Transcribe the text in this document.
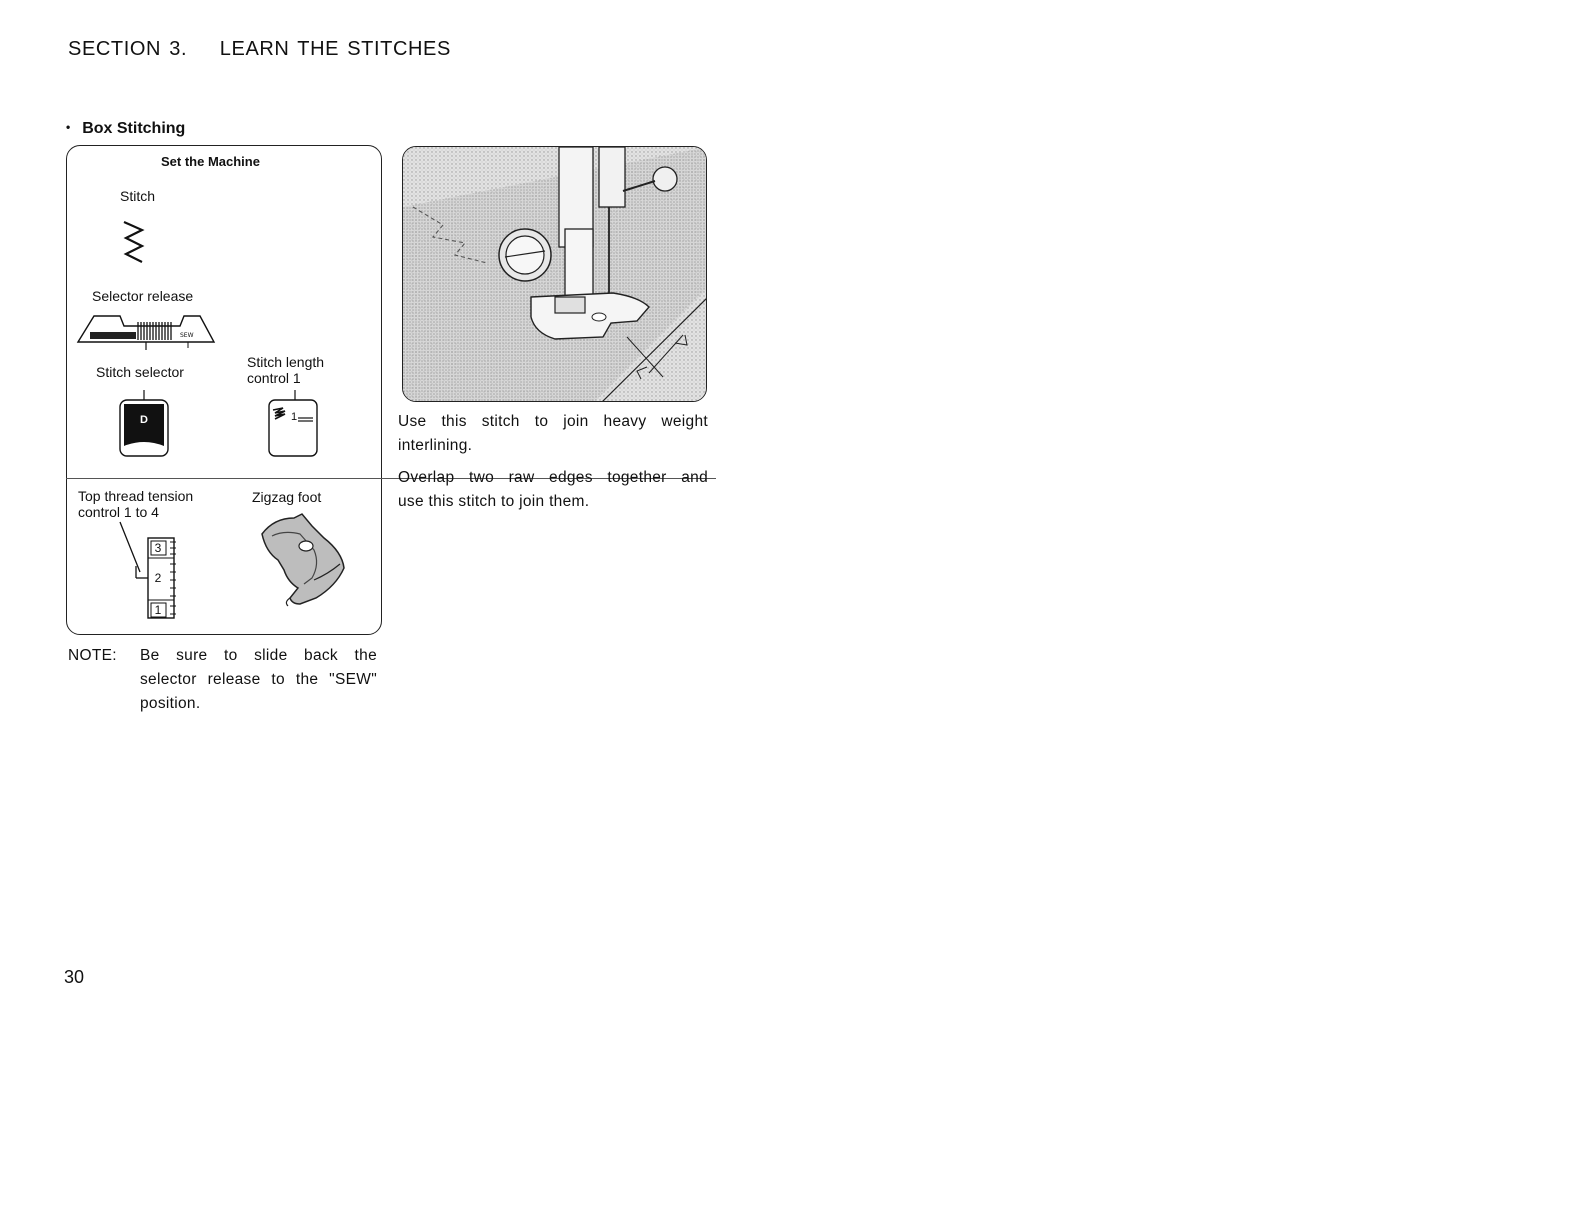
SECTION 3. LEARN THE STITCHES
• Box Stitching
Set the Machine
Stitch
Selector release
SEW
Stitch selector
Stitch length
control 1
D	1
Top thread tension
control 1 to 4
Zigzag foot
3
2
1
Use this stitch to join heavy weight
interlining.
Overlap two raw edges together and
use this stitch to join them.
NOTE: Be sure to slide back the
selector release to the "SEW"
position.
30
